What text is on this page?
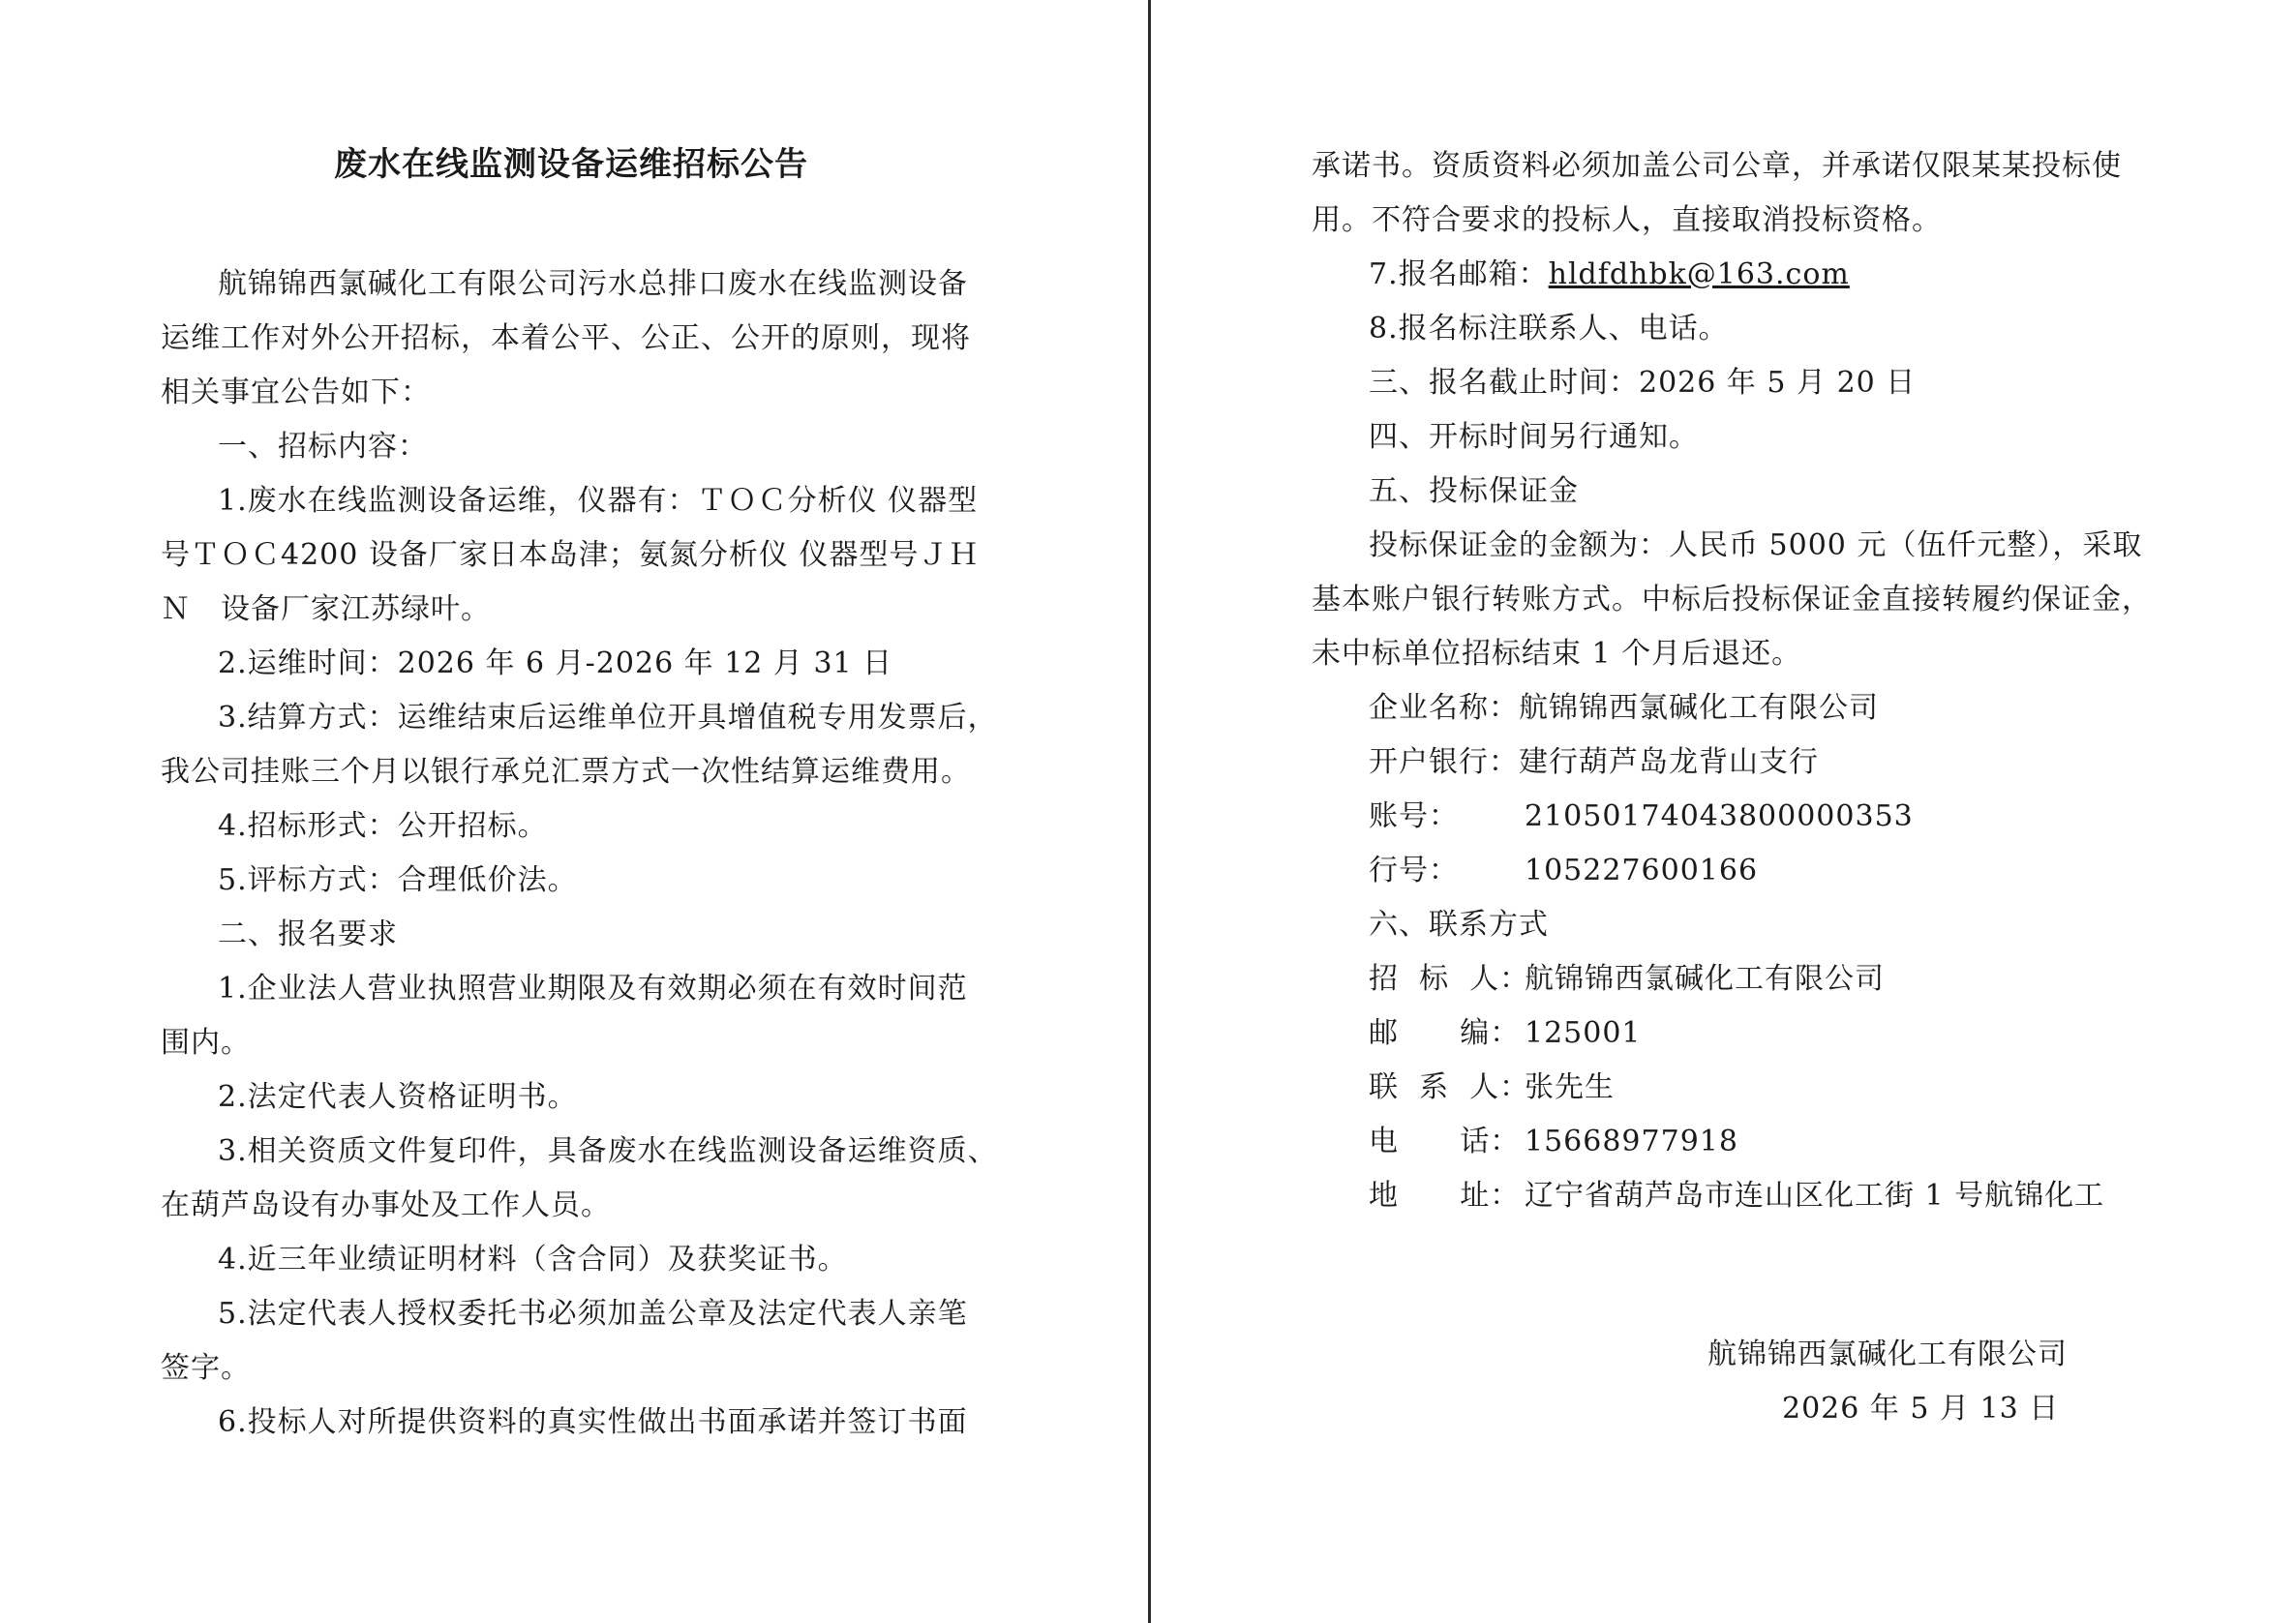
废水在线监测设备运维招标公告
航锦锦西氯碱化工有限公司污水总排口废水在线监测设备
运维工作对外公开招标，本着公平、公正、公开的原则，现将
相关事宜公告如下：
一、招标内容：
1.废水在线监测设备运维，仪器有：ＴＯＣ分析仪 仪器型
号ＴＯＣ4200 设备厂家日本岛津；氨氮分析仪 仪器型号ＪＨ
Ｎ　设备厂家江苏绿叶。
2.运维时间：2026 年 6 月-2026 年 12 月 31 日
3.结算方式：运维结束后运维单位开具增值税专用发票后，
我公司挂账三个月以银行承兑汇票方式一次性结算运维费用。
4.招标形式：公开招标。
5.评标方式：合理低价法。
二、报名要求
1.企业法人营业执照营业期限及有效期必须在有效时间范
围内。
2.法定代表人资格证明书。
3.相关资质文件复印件，具备废水在线监测设备运维资质、
在葫芦岛设有办事处及工作人员。
4.近三年业绩证明材料（含合同）及获奖证书。
5.法定代表人授权委托书必须加盖公章及法定代表人亲笔
签字。
6.投标人对所提供资料的真实性做出书面承诺并签订书面
承诺书。资质资料必须加盖公司公章，并承诺仅限某某投标使
用。不符合要求的投标人，直接取消投标资格。
7.报名邮箱：hldfdhbk@163.com
8.报名标注联系人、电话。
三、报名截止时间：2026 年 5 月 20 日
四、开标时间另行通知。
五、投标保证金
投标保证金的金额为：人民币 5000 元（伍仟元整），采取
基本账户银行转账方式。中标后投标保证金直接转履约保证金，
未中标单位招标结束 1 个月后退还。
企业名称：航锦锦西氯碱化工有限公司
开户银行：建行葫芦岛龙背山支行
账号： 21050174043800000353
行号： 105227600166
六、联系方式
招  标  人：
航锦锦西氯碱化工有限公司
邮      编： 125001
联  系  人：
张先生
电      话： 15668977918
地      址： 辽宁省葫芦岛市连山区化工街 1 号航锦化工
航锦锦西氯碱化工有限公司
2026 年 5 月 13 日
